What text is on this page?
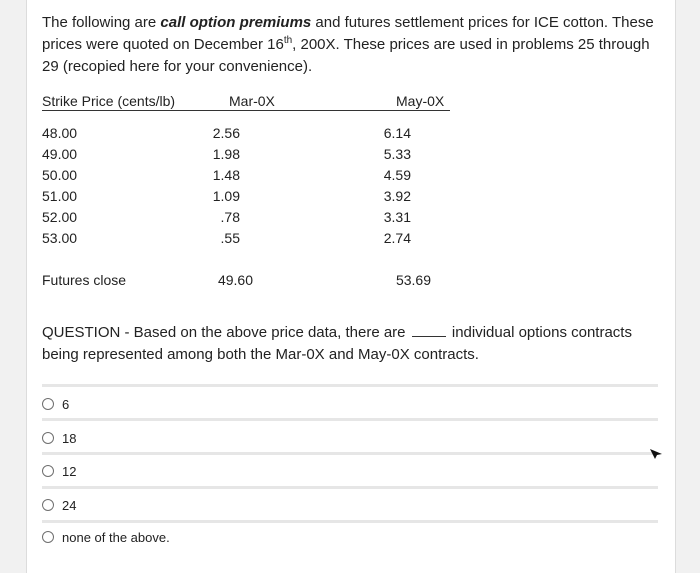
The following are call option premiums and futures settlement prices for ICE cotton. These prices were quoted on December 16th, 200X. These prices are used in problems 25 through 29 (recopied here for your convenience).
Strike Price (cents/lb)	Mar-0X	May-0X
48.00	2.56	6.14
49.00	1.98	5.33
50.00	1.48	4.59
51.00	1.09	3.92
52.00	.78	3.31
53.00	.55	2.74
Futures close	49.60	53.69
QUESTION - Based on the above price data, there are	individual options contracts being represented among both the Mar-0X and May-0X contracts.
6
18
12
24
none of the above.
